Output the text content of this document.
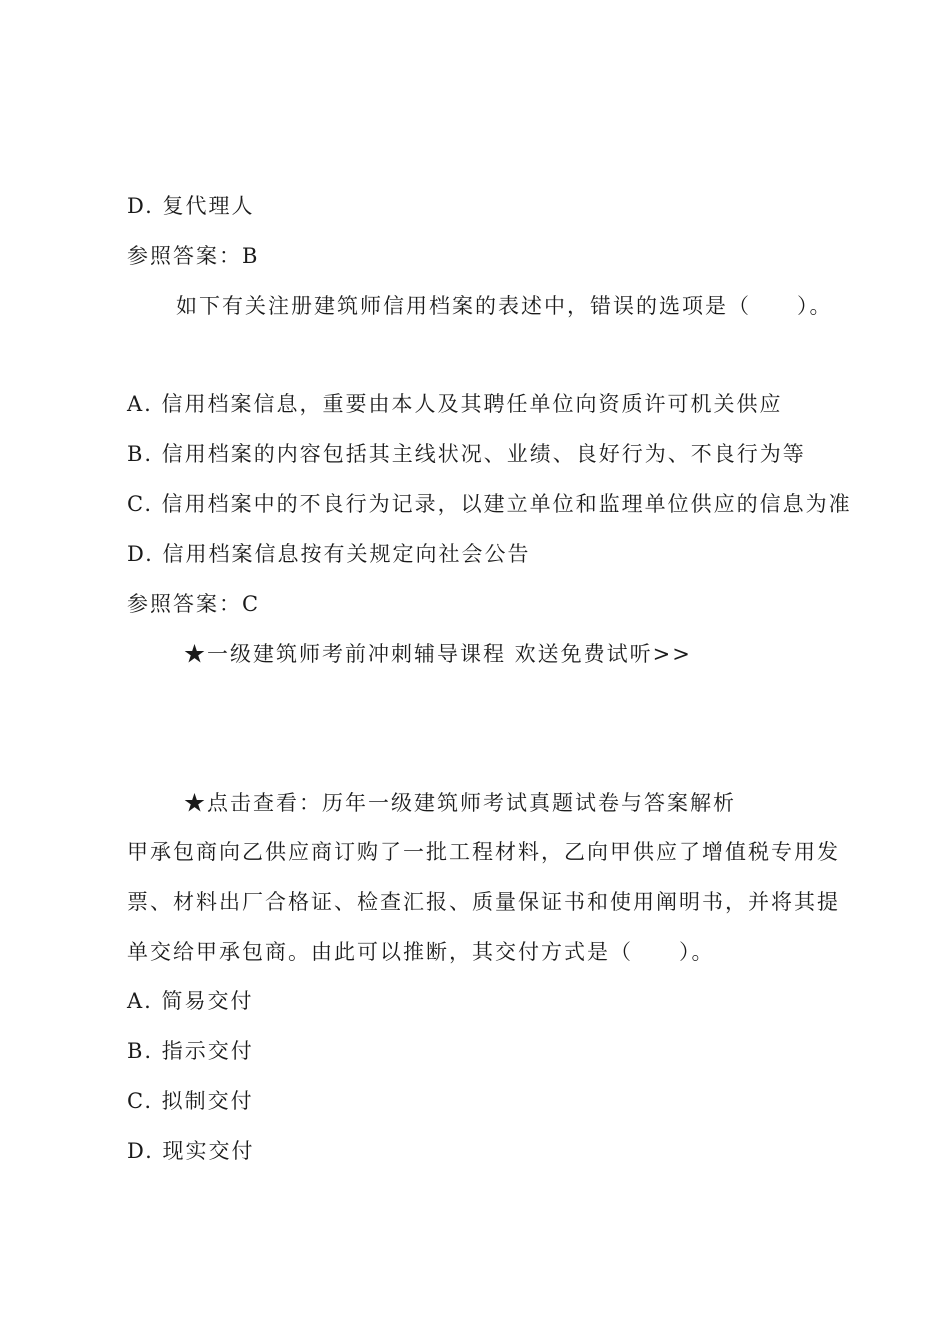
D. 复代理人
参照答案：B
如下有关注册建筑师信用档案的表述中，错误的选项是（　　）。
A. 信用档案信息，重要由本人及其聘任单位向资质许可机关供应
B. 信用档案的内容包括其主线状况、业绩、良好行为、不良行为等
C. 信用档案中的不良行为记录，以建立单位和监理单位供应的信息为准
D. 信用档案信息按有关规定向社会公告
参照答案：C
★一级建筑师考前冲刺辅导课程 欢送免费试听>>
★点击查看：历年一级建筑师考试真题试卷与答案解析
甲承包商向乙供应商订购了一批工程材料，乙向甲供应了增值税专用发
票、材料出厂合格证、检查汇报、质量保证书和使用阐明书，并将其提
单交给甲承包商。由此可以推断，其交付方式是（　　）。
A. 简易交付
B. 指示交付
C. 拟制交付
D. 现实交付
